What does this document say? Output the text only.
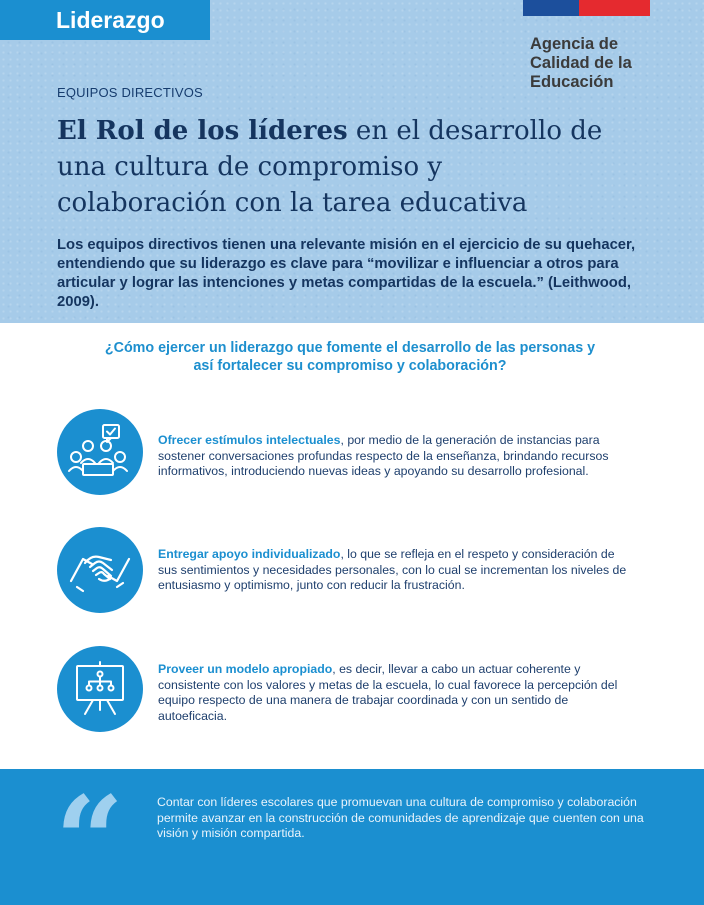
Liderazgo
Agencia de
Calidad de la
Educación
EQUIPOS DIRECTIVOS
El Rol de los líderes en el desarrollo de una cultura de compromiso y colaboración con la tarea educativa

Los equipos directivos tienen una relevante misión en el ejercicio de su quehacer, entendiendo que su liderazgo es clave para “movilizar e influenciar a otros para articular y lograr las intenciones y metas compartidas de la escuela.” (Leithwood, 2009).

¿Cómo ejercer un liderazgo que fomente el desarrollo de las personas y así fortalecer su compromiso y colaboración?

Ofrecer estímulos intelectuales, por medio de la generación de instancias para sostener conversaciones profundas respecto de la enseñanza, brindando recursos informativos, introduciendo nuevas ideas y apoyando su desarrollo profesional.

Entregar apoyo individualizado, lo que se refleja en el respeto y consideración de sus sentimientos y necesidades personales, con lo cual se incrementan los niveles de entusiasmo y optimismo, junto con reducir la frustración.

Proveer un modelo apropiado, es decir, llevar a cabo un actuar coherente y consistente con los valores y metas de la escuela, lo cual favorece la percepción del equipo respecto de una manera de trabajar coordinada y con un sentido de autoeficacia.

“	Contar con líderes escolares que promuevan una cultura de compromiso y colaboración permite avanzar en la construcción de comunidades de aprendizaje que cuenten con una visión y misión compartida.
